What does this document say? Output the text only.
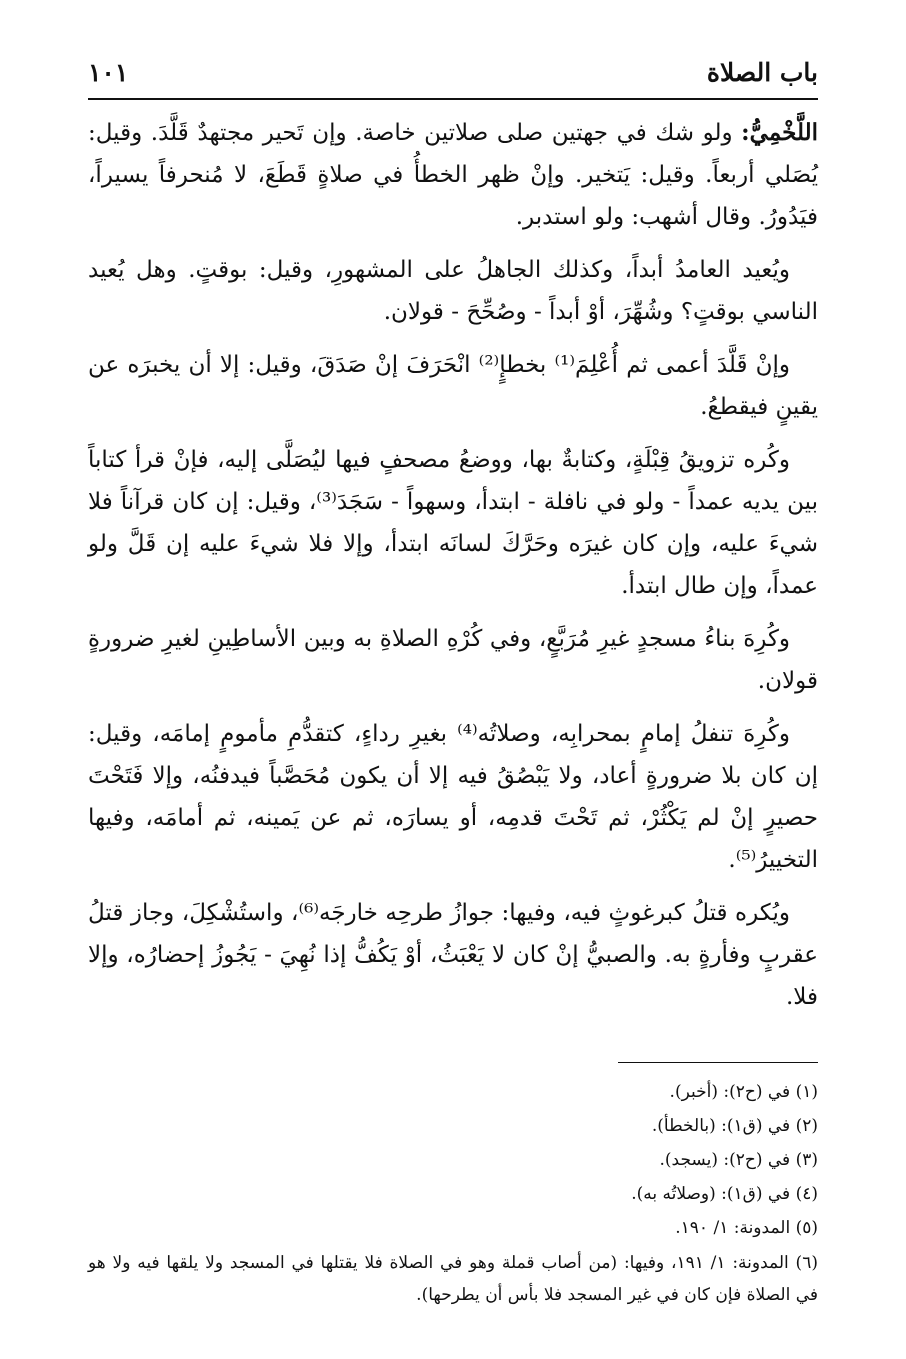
باب الصلاة
١٠١

اللَّخْمِيُّ: ولو شك في جهتين صلى صلاتين خاصة. وإن تَحير مجتهدٌ قَلَّدَ. وقيل: يُصَلي أربعاً. وقيل: يَتخير. وإنْ ظهر الخطأُ في صلاةٍ قَطَعَ، لا مُنحرفاً يسيراً، فيَدُورُ. وقال أشهب: ولو استدبر.

ويُعيد العامدُ أبداً، وكذلك الجاهلُ على المشهورِ، وقيل: بوقتٍ. وهل يُعيد الناسي بوقتٍ؟ وشُهِّرَ، أوْ أبداً - وصُحِّحَ - قولان.

وإنْ قَلَّدَ أعمى ثم أُعْلِمَ⁽¹⁾ بخطإٍ⁽²⁾ انْحَرَفَ إنْ صَدَقَ، وقيل: إلا أن يخبرَه عن يقينٍ فيقطعُ.

وكُره تزويقُ قِبْلَةٍ، وكتابةٌ بها، ووضعُ مصحفٍ فيها ليُصَلَّى إليه، فإنْ قرأ كتاباً بين يديه عمداً - ولو في نافلة - ابتدأ، وسهواً - سَجَدَ⁽³⁾، وقيل: إن كان قرآناً فلا شيءَ عليه، وإن كان غيرَه وحَرَّكَ لسانَه ابتدأ، وإلا فلا شيءَ عليه إن قَلَّ ولو عمداً، وإن طال ابتدأ.

وكُرِهَ بناءُ مسجدٍ غيرِ مُرَبَّعٍ، وفي كُرْهِ الصلاةِ به وبين الأساطِينِ لغيرِ ضرورةٍ قولان.

وكُرِهَ تنفلُ إمامٍ بمحرابِه، وصلاتُه⁽⁴⁾ بغيرِ رداءٍ، كتقدُّمِ مأمومٍ إمامَه، وقيل: إن كان بلا ضرورةٍ أعاد، ولا يَبْصُقُ فيه إلا أن يكون مُحَصَّباً فيدفنُه، وإلا فَتَحْتَ حصيرٍ إنْ لم يَكْثُرْ، ثم تَحْتَ قدمِه، أو يسارَه، ثم عن يَمينه، ثم أمامَه، وفيها التخييرُ⁽⁵⁾.

ويُكره قتلُ كبرغوثٍ فيه، وفيها: جوازُ طرحِه خارجَه⁽⁶⁾، واستُشْكِلَ، وجاز قتلُ عقربٍ وفأرةٍ به. والصبيُّ إنْ كان لا يَعْبَثُ، أوْ يَكُفُّ إذا نُهِيَ - يَجُوزُ إحضارُه، وإلا فلا.

(١) في (ح٢): (أخبر).

(٢) في (ق١): (بالخطأ).

(٣) في (ح٢): (يسجد).

(٤) في (ق١): (وصلاتُه به).

(٥) المدونة: ١/ ١٩٠.

(٦) المدونة: ١/ ١٩١، وفيها: (من أصاب قملة وهو في الصلاة فلا يقتلها في المسجد ولا يلقها فيه ولا هو في الصلاة فإن كان في غير المسجد فلا بأس أن يطرحها).
